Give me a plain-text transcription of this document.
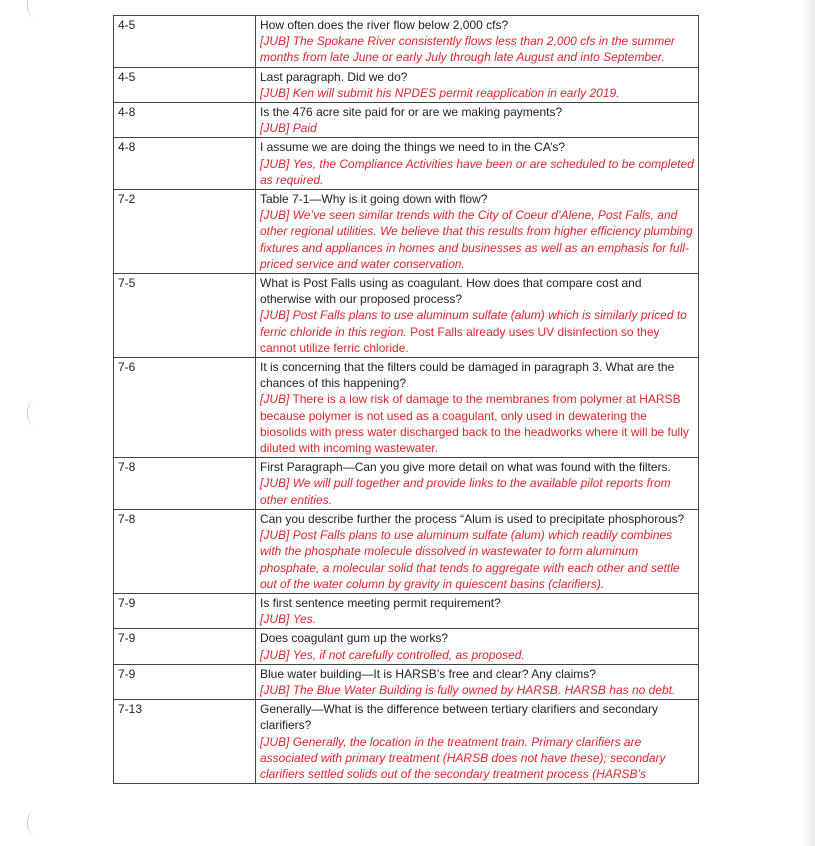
4-5	How often does the river flow below 2,000 cfs?
[JUB] The Spokane River consistently flows less than 2,000 cfs in the summer months from late June or early July through late August and into September.

4-5	Last paragraph. Did we do?
[JUB] Ken will submit his NPDES permit reapplication in early 2019.

4-8	Is the 476 acre site paid for or are we making payments?
[JUB] Paid

4-8	I assume we are doing the things we need to in the CA’s?
[JUB] Yes, the Compliance Activities have been or are scheduled to be completed as required.

7-2	Table 7-1—Why is it going down with flow?
[JUB] We’ve seen similar trends with the City of Coeur d’Alene, Post Falls, and other regional utilities. We believe that this results from higher efficiency plumbing fixtures and appliances in homes and businesses as well as an emphasis for full-priced service and water conservation.

7-5	What is Post Falls using as coagulant. How does that compare cost and otherwise with our proposed process?
[JUB] Post Falls plans to use aluminum sulfate (alum) which is similarly priced to ferric chloride in this region. Post Falls already uses UV disinfection so they cannot utilize ferric chloride.

7-6	It is concerning that the filters could be damaged in paragraph 3. What are the chances of this happening?
[JUB] There is a low risk of damage to the membranes from polymer at HARSB because polymer is not used as a coagulant, only used in dewatering the biosolids with press water discharged back to the headworks where it will be fully diluted with incoming wastewater.

7-8	First Paragraph—Can you give more detail on what was found with the filters.
[JUB] We will pull together and provide links to the available pilot reports from other entities.

7-8	Can you describe further the process “Alum is used to precipitate phosphorous?
[JUB] Post Falls plans to use aluminum sulfate (alum) which readily combines with the phosphate molecule dissolved in wastewater to form aluminum phosphate, a molecular solid that tends to aggregate with each other and settle out of the water column by gravity in quiescent basins (clarifiers).

7-9	Is first sentence meeting permit requirement?
[JUB] Yes.

7-9	Does coagulant gum up the works?
[JUB] Yes, if not carefully controlled, as proposed.

7-9	Blue water building—It is HARSB’s free and clear? Any claims?
[JUB] The Blue Water Building is fully owned by HARSB. HARSB has no debt.

7-13	Generally—What is the difference between tertiary clarifiers and secondary clarifiers?
[JUB] Generally, the location in the treatment train. Primary clarifiers are associated with primary treatment (HARSB does not have these); secondary clarifiers settled solids out of the secondary treatment process (HARSB’s
